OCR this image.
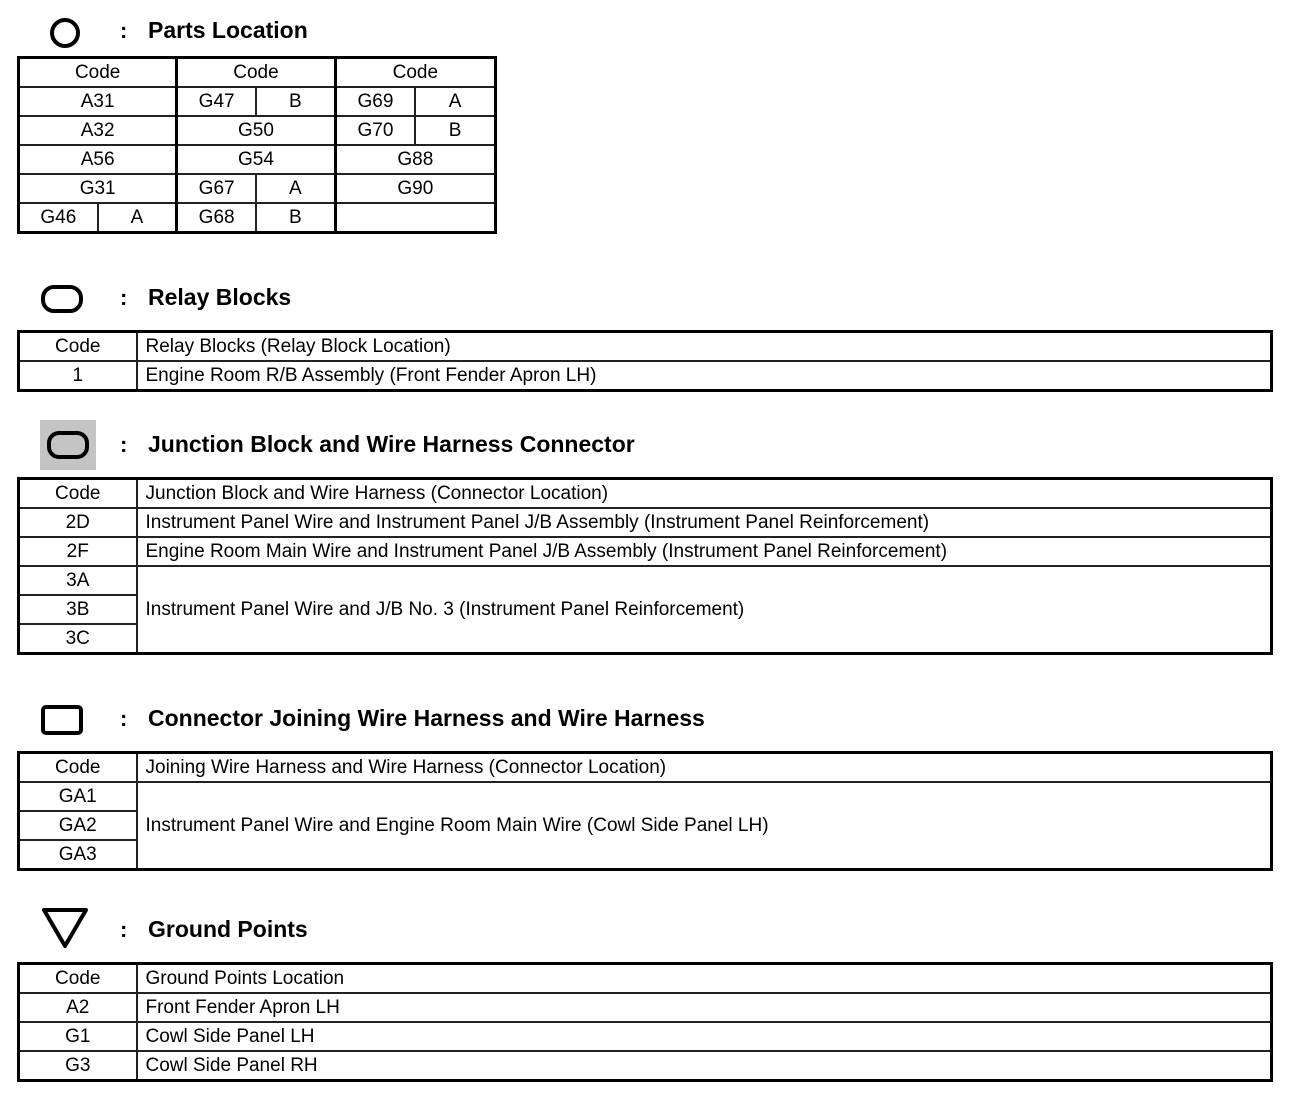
: Parts Location
Code		Code		Code	
A31		G47	B	G69	A
A32		G50		G70	B
A56		G54		G88	
G31		G67	A	G90	
G46	A	G68	B		
: Relay Blocks
Code	Relay Blocks (Relay Block Location)
1	Engine Room R/B Assembly (Front Fender Apron LH)
: Junction Block and Wire Harness Connector
Code	Junction Block and Wire Harness (Connector Location)
2D	Instrument Panel Wire and Instrument Panel J/B Assembly (Instrument Panel Reinforcement)
2F	Engine Room Main Wire and Instrument Panel J/B Assembly (Instrument Panel Reinforcement)
3A	Instrument Panel Wire and J/B No. 3 (Instrument Panel Reinforcement)
3B	
3C	
: Connector Joining Wire Harness and Wire Harness
Code	Joining Wire Harness and Wire Harness (Connector Location)
GA1	Instrument Panel Wire and Engine Room Main Wire (Cowl Side Panel LH)
GA2	
GA3	
: Ground Points
Code	Ground Points Location
A2	Front Fender Apron LH
G1	Cowl Side Panel LH
G3	Cowl Side Panel RH
